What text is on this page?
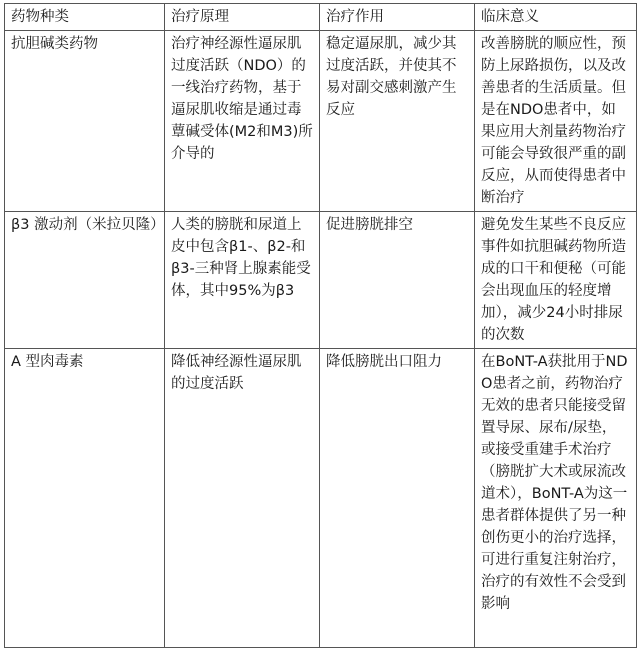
药物种类	治疗原理	治疗作用	临床意义
抗胆碱类药物	治疗神经源性逼尿肌过度活跃（NDO）的一线治疗药物，基于逼尿肌收缩是通过毒蕈碱受体(M2和M3)所介导的	稳定逼尿肌，减少其过度活跃，并使其不易对副交感刺激产生反应	改善膀胱的顺应性，预防上尿路损伤，以及改善患者的生活质量。但是在NDO患者中，如果应用大剂量药物治疗可能会导致很严重的副反应，从而使得患者中断治疗
β3 激动剂（米拉贝隆）	人类的膀胱和尿道上皮中包含β1-、β2-和β3-三种肾上腺素能受体，其中95%为β3	促进膀胱排空	避免发生某些不良反应事件如抗胆碱药物所造成的口干和便秘（可能会出现血压的轻度增加），减少24小时排尿的次数
A 型肉毒素	降低神经源性逼尿肌的过度活跃	降低膀胱出口阻力	在BoNT-A获批用于NDO患者之前，药物治疗无效的患者只能接受留置导尿、尿布/尿垫，或接受重建手术治疗（膀胱扩大术或尿流改道术），BoNT-A为这一患者群体提供了另一种创伤更小的治疗选择，可进行重复注射治疗，治疗的有效性不会受到影响
